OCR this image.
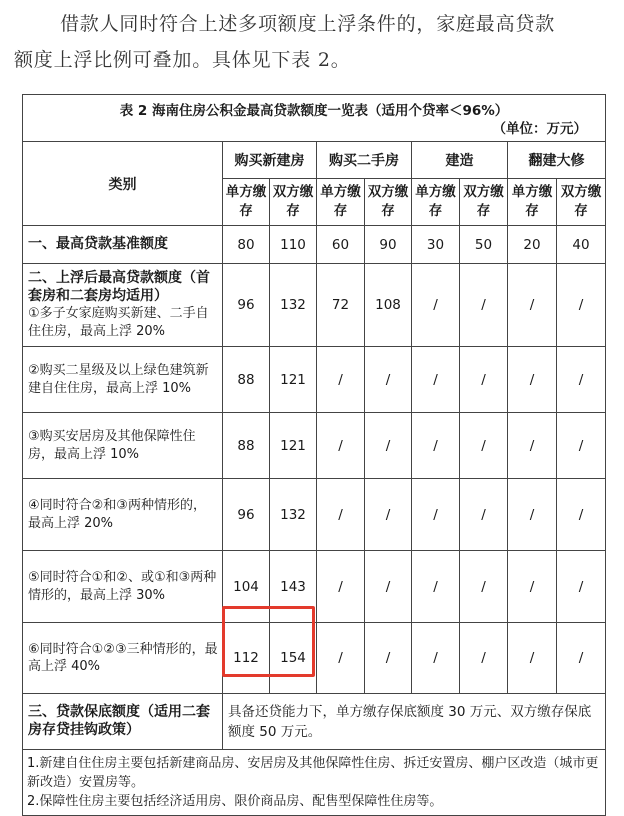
借款人同时符合上述多项额度上浮条件的，家庭最高贷款

额度上浮比例可叠加。具体见下表 2。

表 2 海南住房公积金最高贷款额度一览表（适用个贷率＜96%）
（单位：万元）								

类别	购买新建房		购买二手房		建造		翻建大修	
	单方缴存	双方缴存	单方缴存	双方缴存	单方缴存	双方缴存	单方缴存	双方缴存
一、最高贷款基准额度	80	110	60	90	30	50	20	40

二、上浮后最高贷款额度（首套房和二套房均适用）
①多子女家庭购买新建、二手自住住房，最高上浮 20%	96	132	72	108	/	/	/	/
②购买二星级及以上绿色建筑新建自住住房，最高上浮 10%	88	121	/	/	/	/	/	/
③购买安居房及其他保障性住房，最高上浮 10%	88	121	/	/	/	/	/	/
④同时符合②和③两种情形的，最高上浮 20%	96	132	/	/	/	/	/	/
⑤同时符合①和②、或①和③两种情形的，最高上浮 30%	104	143	/	/	/	/	/	/
⑥同时符合①②③三种情形的，最高上浮 40%	112	154	/	/	/	/	/	/
三、贷款保底额度（适用二套房存贷挂钩政策）	具备还贷能力下，单方缴存保底额度 30 万元、双方缴存保底额度 50 万元。							

1.新建自住住房主要包括新建商品房、安居房及其他保障性住房、拆迁安置房、棚户区改造（城市更新改造）安置房等。
2.保障性住房主要包括经济适用房、限价商品房、配售型保障性住房等。								
